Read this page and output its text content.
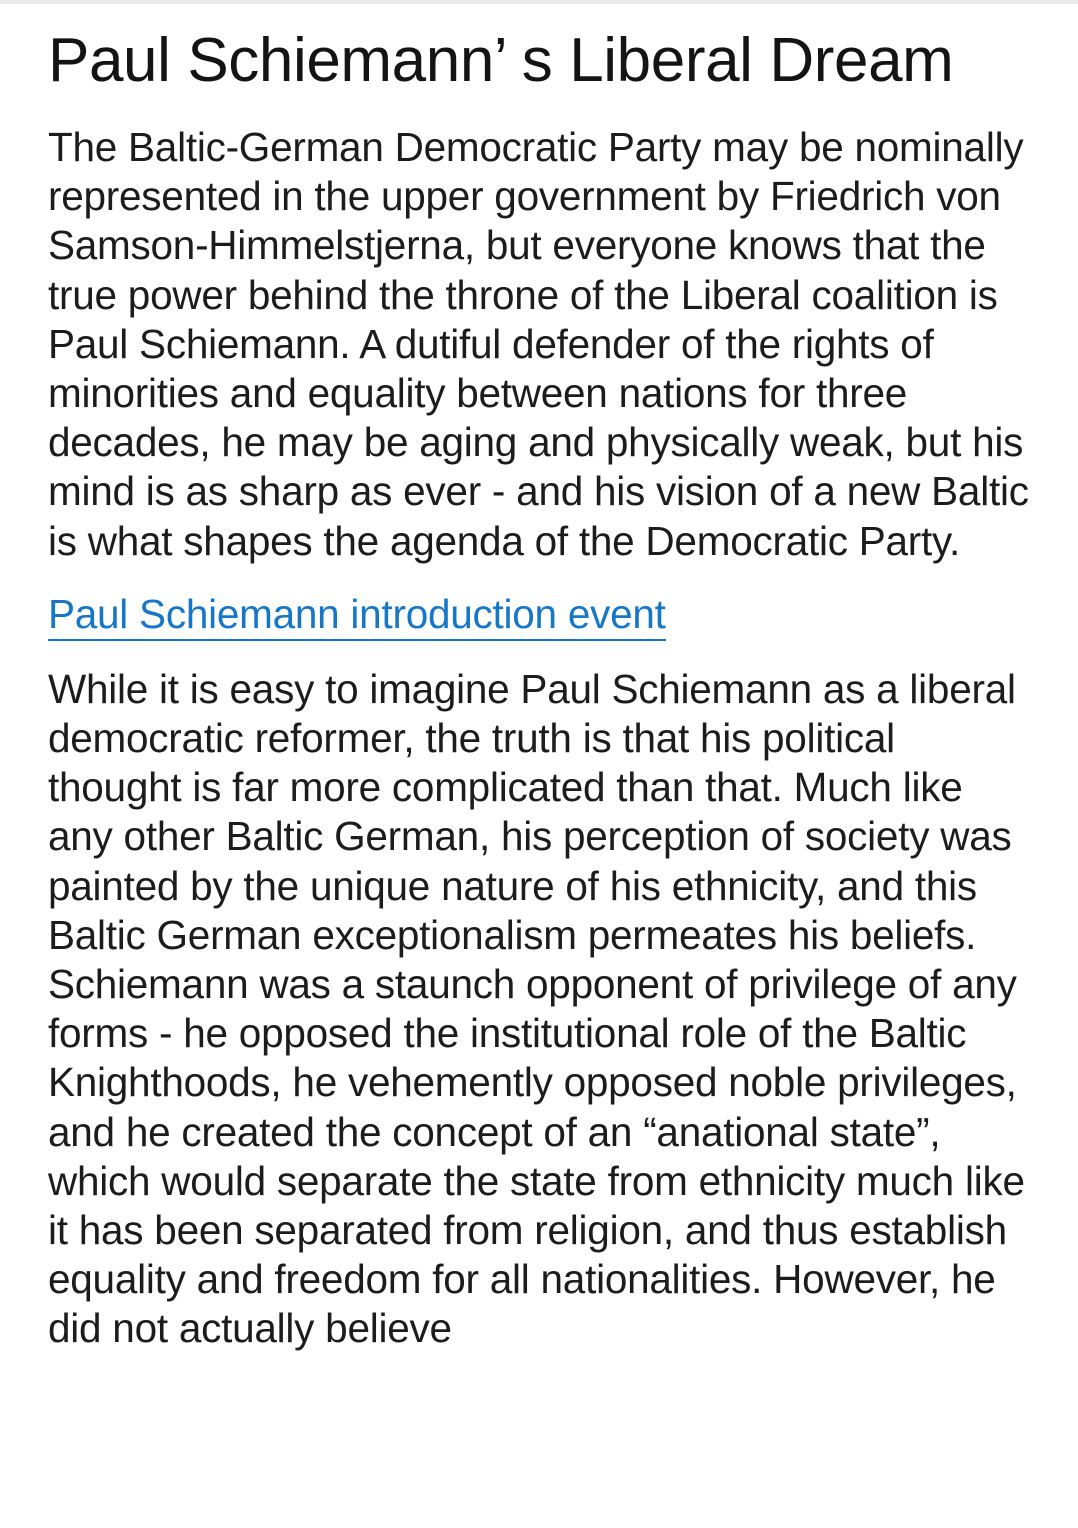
Paul Schiemann’ s Liberal Dream

The Baltic-German Democratic Party may be nominally represented in the upper government by Friedrich von Samson-Himmelstjerna, but everyone knows that the true power behind the throne of the Liberal coalition is Paul Schiemann. A dutiful defender of the rights of minorities and equality between nations for three decades, he may be aging and physically weak, but his mind is as sharp as ever - and his vision of a new Baltic is what shapes the agenda of the Democratic Party.

Paul Schiemann introduction event

While it is easy to imagine Paul Schiemann as a liberal democratic reformer, the truth is that his political thought is far more complicated than that. Much like any other Baltic German, his perception of society was painted by the unique nature of his ethnicity, and this Baltic German exceptionalism permeates his beliefs. Schiemann was a staunch opponent of privilege of any forms - he opposed the institutional role of the Baltic Knighthoods, he vehemently opposed noble privileges, and he created the concept of an “anational state”, which would separate the state from ethnicity much like it has been separated from religion, and thus establish equality and freedom for all nationalities. However, he did not actually believe
